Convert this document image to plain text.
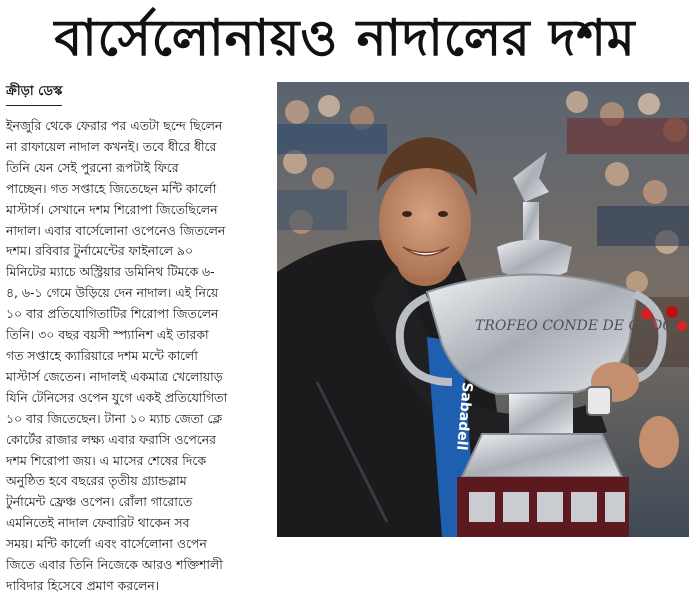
বার্সেলোনায়ও নাদালের দশম
ক্রীড়া ডেস্ক
ইনজুরি থেকে ফেরার পর এতটা ছন্দে ছিলেন
না রাফায়েল নাদাল কখনই। তবে ধীরে ধীরে
তিনি যেন সেই পুরনো রূপটাই ফিরে
পাচ্ছেন। গত সপ্তাহে জিতেছেন মন্টি কার্লো
মাস্টার্স। সেখানে দশম শিরোপা জিতেছিলেন
নাদাল। এবার বার্সেলোনা ওপেনেও জিতলেন
দশম। রবিবার টুর্নামেন্টের ফাইনালে ৯০
মিনিটের ম্যাচে অস্ট্রিয়ার ডমিনিথ টিমকে ৬-
৪, ৬-১ গেমে উড়িয়ে দেন নাদাল। এই নিয়ে
১০ বার প্রতিযোগিতাটির শিরোপা জিতলেন
তিনি। ৩০ বছর বয়সী স্প্যানিশ এই তারকা
গত সপ্তাহে ক্যারিয়ারে দশম মন্টে কার্লো
মাস্টার্স জেতেন। নাদালই একমাত্র খেলোয়াড়
যিনি টেনিসের ওপেন যুগে একই প্রতিযোগিতা
১০ বার জিতেছেন। টানা ১০ ম্যাচ জেতা ক্লে
কোর্টের রাজার লক্ষ্য এবার ফরাসি ওপেনের
দশম শিরোপা জয়। এ মাসের শেষের দিকে
অনুষ্ঠিত হবে বছরের তৃতীয় গ্র্যান্ডস্লাম
টুর্নামেন্ট ফ্রেঞ্চ ওপেন। রোঁলা গারোতে
এমনিতেই নাদাল ফেবারিট থাকেন সব
সময়। মন্টি কার্লো এবং বার্সেলোনা ওপেন
জিতে এবার তিনি নিজেকে আরও শক্তিশালী
দাবিদার হিসেবে প্রমাণ করলেন।
Sabadell
TROFEO CONDE DE GODO
